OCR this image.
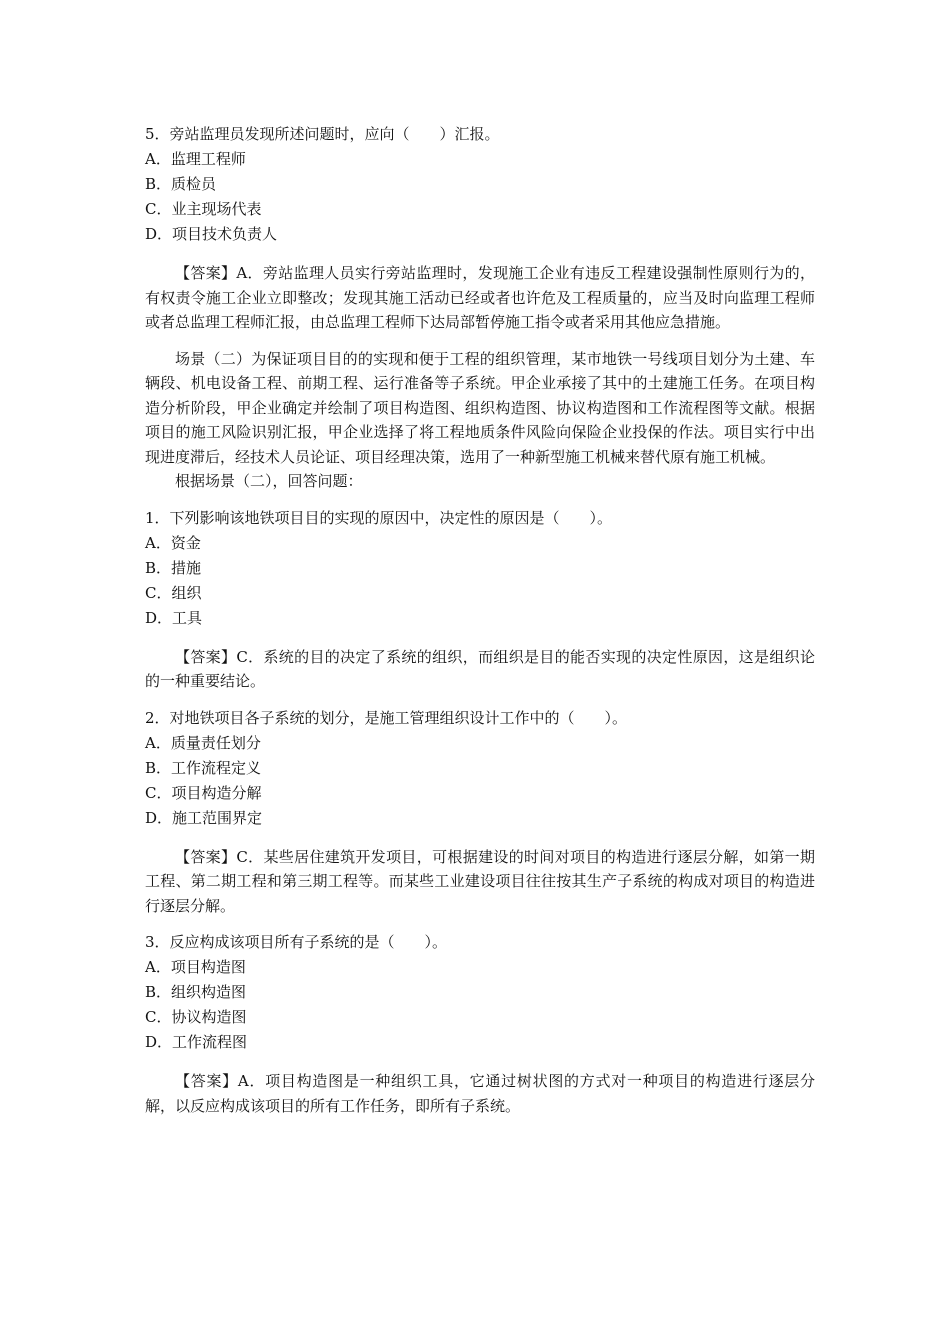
5．旁站监理员发现所述问题时，应向（　　）汇报。

A．监理工程师

B．质检员

C．业主现场代表

D．项目技术负责人

【答案】A．旁站监理人员实行旁站监理时，发现施工企业有违反工程建设强制性原则行为的，有权责令施工企业立即整改；发现其施工活动已经或者也许危及工程质量的，应当及时向监理工程师或者总监理工程师汇报，由总监理工程师下达局部暂停施工指令或者采用其他应急措施。

场景（二）为保证项目目的的实现和便于工程的组织管理，某市地铁一号线项目划分为土建、车辆段、机电设备工程、前期工程、运行准备等子系统。甲企业承接了其中的土建施工任务。在项目构造分析阶段，甲企业确定并绘制了项目构造图、组织构造图、协议构造图和工作流程图等文献。根据项目的施工风险识别汇报，甲企业选择了将工程地质条件风险向保险企业投保的作法。项目实行中出现进度滞后，经技术人员论证、项目经理决策，选用了一种新型施工机械来替代原有施工机械。

根据场景（二），回答问题：

1．下列影响该地铁项目目的实现的原因中，决定性的原因是（　　）。

A．资金

B．措施

C．组织

D．工具

【答案】C．系统的目的决定了系统的组织，而组织是目的能否实现的决定性原因，这是组织论的一种重要结论。

2．对地铁项目各子系统的划分，是施工管理组织设计工作中的（　　）。

A．质量责任划分

B．工作流程定义

C．项目构造分解

D．施工范围界定

【答案】C．某些居住建筑开发项目，可根据建设的时间对项目的构造进行逐层分解，如第一期工程、第二期工程和第三期工程等。而某些工业建设项目往往按其生产子系统的构成对项目的构造进行逐层分解。

3．反应构成该项目所有子系统的是（　　）。

A．项目构造图

B．组织构造图

C．协议构造图

D．工作流程图

【答案】A．项目构造图是一种组织工具，它通过树状图的方式对一种项目的构造进行逐层分解，以反应构成该项目的所有工作任务，即所有子系统。
